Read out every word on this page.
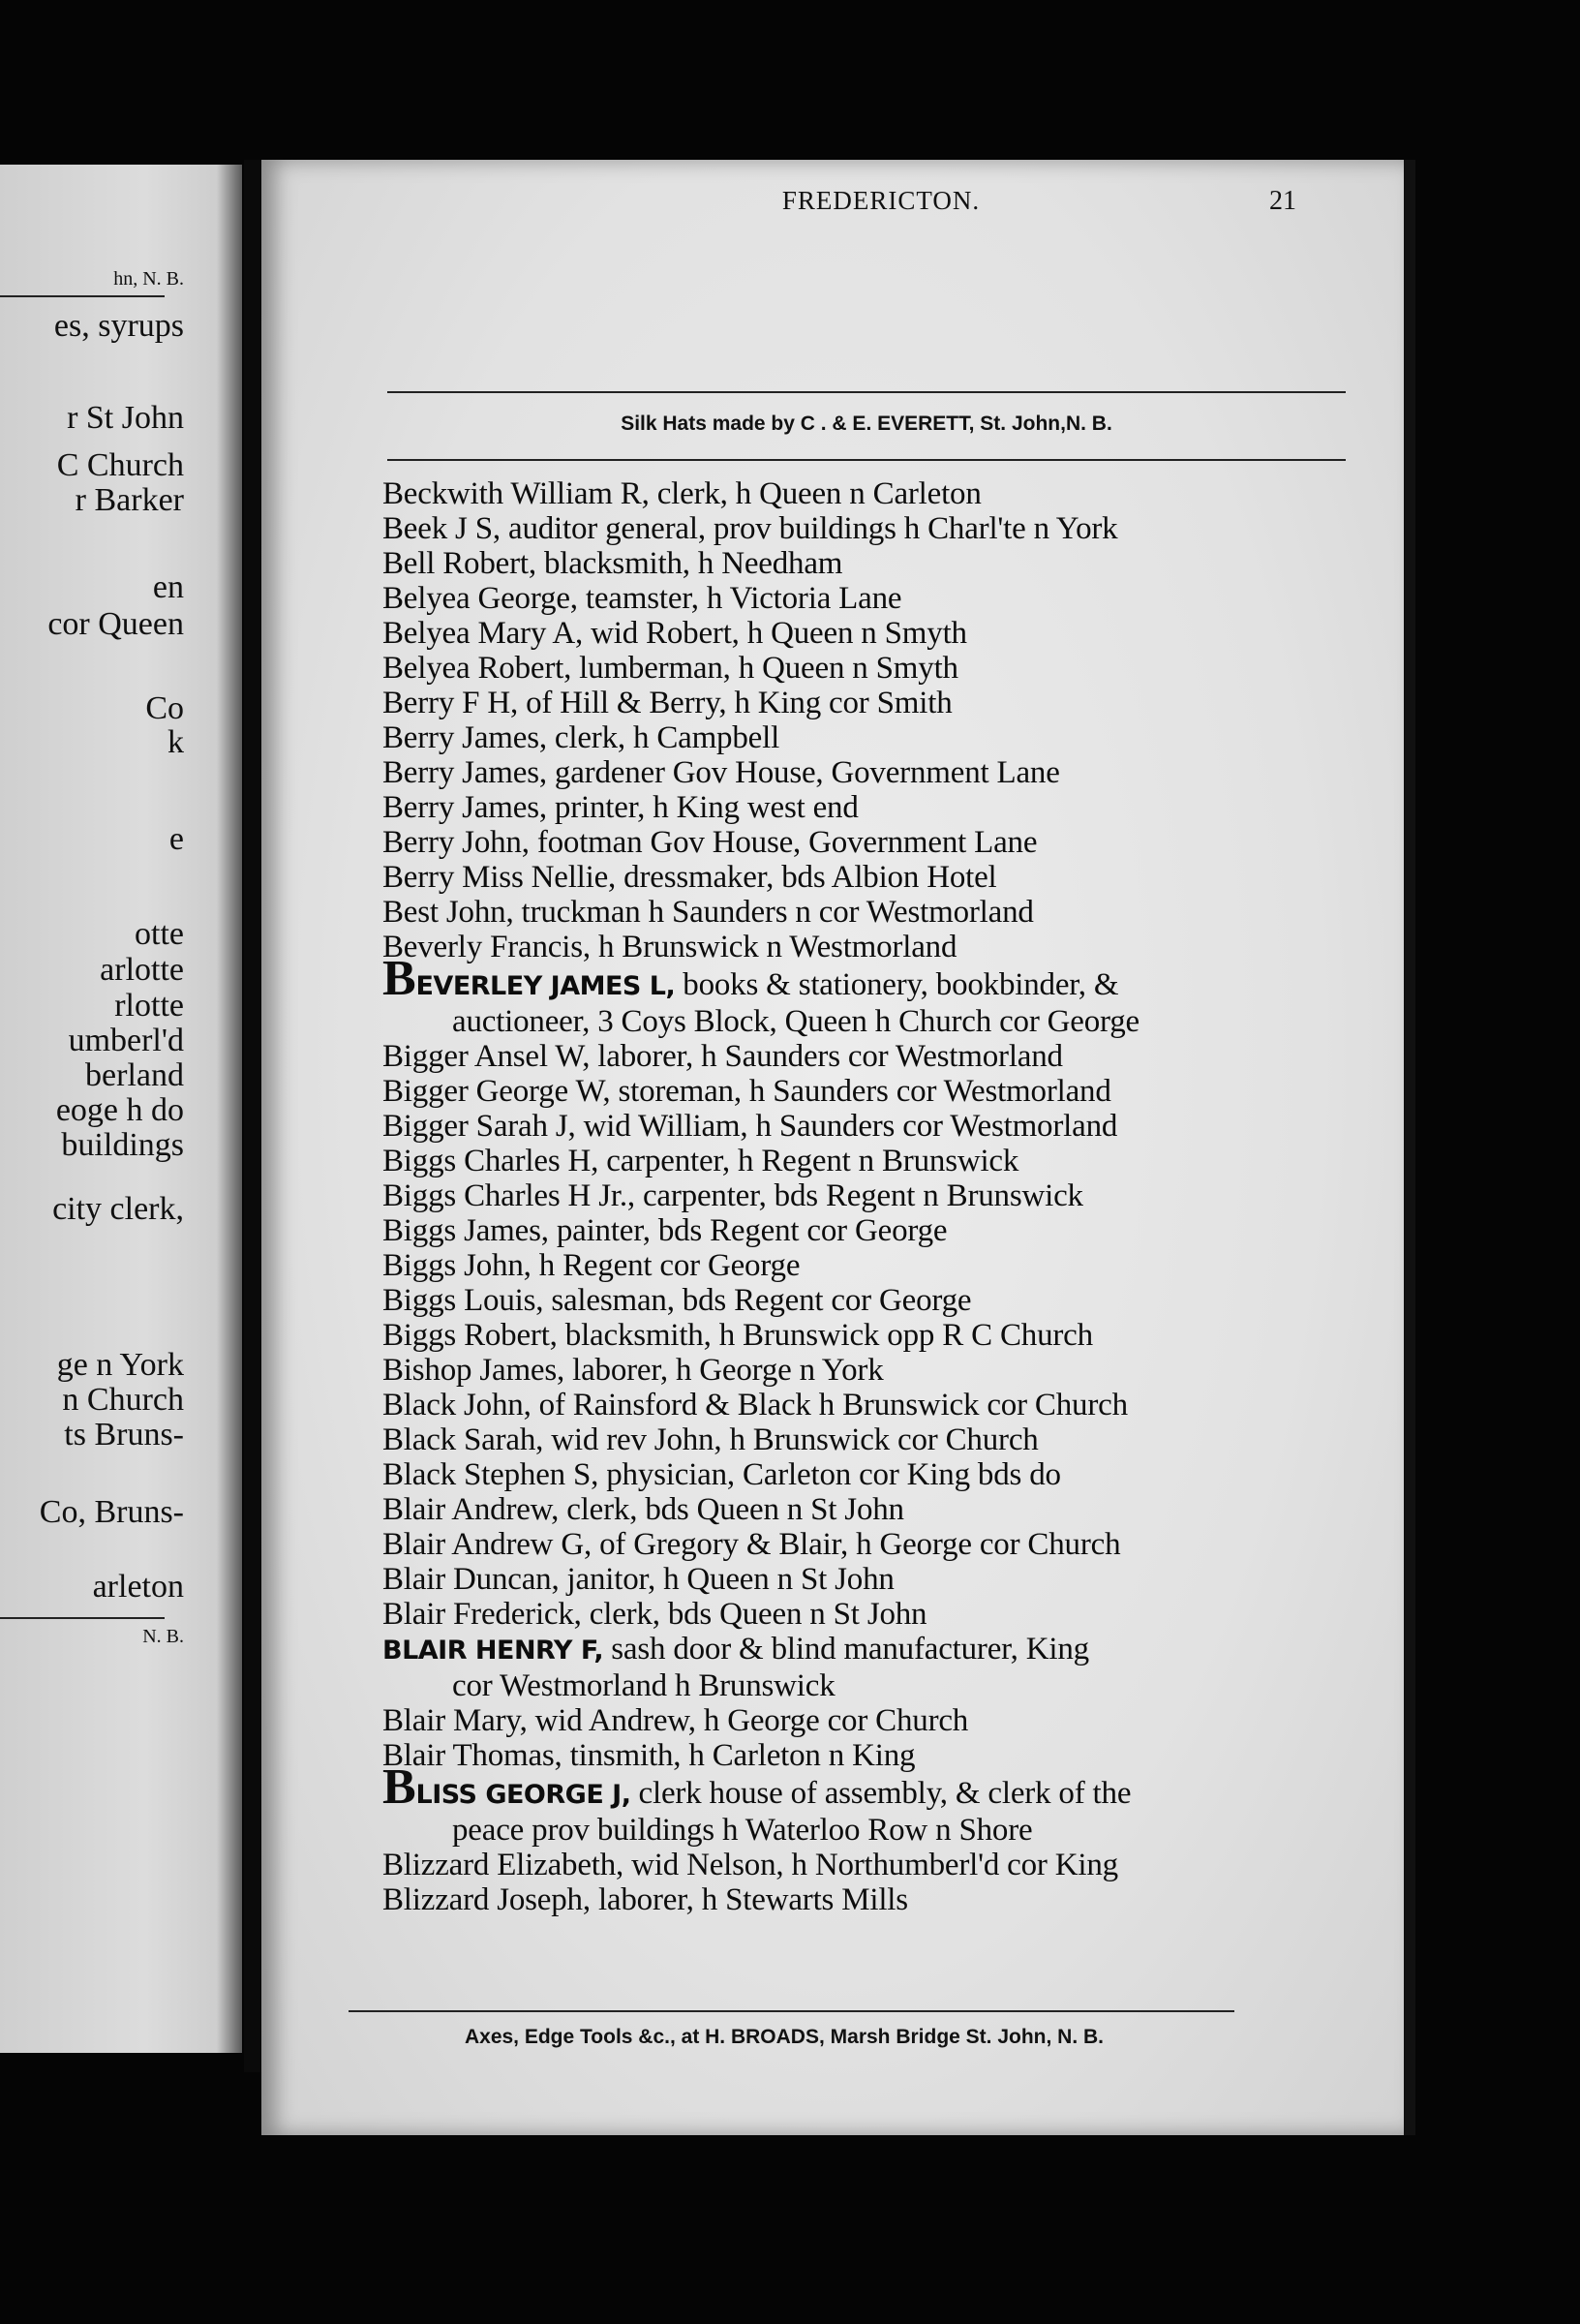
hn, N. B.
es, syrups
r St John
C Church
r Barker
en
cor Queen
Co
k
e
otte
arlotte
rlotte
umberl'd
berland
eoge h do
buildings
city clerk,
ge n York
n Church
ts Bruns-
Co, Bruns-
arleton
N. B.
FREDERICTON.	21
Silk Hats made by C . & E. EVERETT, St. John,N. B.
Beckwith William R, clerk, h Queen n Carleton
Beek J S, auditor general, prov buildings h Charl'te n York
Bell Robert, blacksmith, h Needham
Belyea George, teamster, h Victoria Lane
Belyea Mary A, wid Robert, h Queen n Smyth
Belyea Robert, lumberman, h Queen n Smyth
Berry F H, of Hill & Berry, h King cor Smith
Berry James, clerk, h Campbell
Berry James, gardener Gov House, Government Lane
Berry James, printer, h King west end
Berry John, footman Gov House, Government Lane
Berry Miss Nellie, dressmaker, bds Albion Hotel
Best John, truckman h Saunders n cor Westmorland
Beverly Francis, h Brunswick n Westmorland
BEVERLEY JAMES L, books & stationery, bookbinder, &
auctioneer, 3 Coys Block, Queen h Church cor George
Bigger Ansel W, laborer, h Saunders cor Westmorland
Bigger George W, storeman, h Saunders cor Westmorland
Bigger Sarah J, wid William, h Saunders cor Westmorland
Biggs Charles H, carpenter, h Regent n Brunswick
Biggs Charles H Jr., carpenter, bds Regent n Brunswick
Biggs James, painter, bds Regent cor George
Biggs John, h Regent cor George
Biggs Louis, salesman, bds Regent cor George
Biggs Robert, blacksmith, h Brunswick opp R C Church
Bishop James, laborer, h George n York
Black John, of Rainsford & Black h Brunswick cor Church
Black Sarah, wid rev John, h Brunswick cor Church
Black Stephen S, physician, Carleton cor King bds do
Blair Andrew, clerk, bds Queen n St John
Blair Andrew G, of Gregory & Blair, h George cor Church
Blair Duncan, janitor, h Queen n St John
Blair Frederick, clerk, bds Queen n St John
BLAIR HENRY F, sash door & blind manufacturer, King
cor Westmorland h Brunswick
Blair Mary, wid Andrew, h George cor Church
Blair Thomas, tinsmith, h Carleton n King
BLISS GEORGE J, clerk house of assembly, & clerk of the
peace prov buildings h Waterloo Row n Shore
Blizzard Elizabeth, wid Nelson, h Northumberl'd cor King
Blizzard Joseph, laborer, h Stewarts Mills
Axes, Edge Tools &c., at H. BROADS, Marsh Bridge St. John, N. B.
